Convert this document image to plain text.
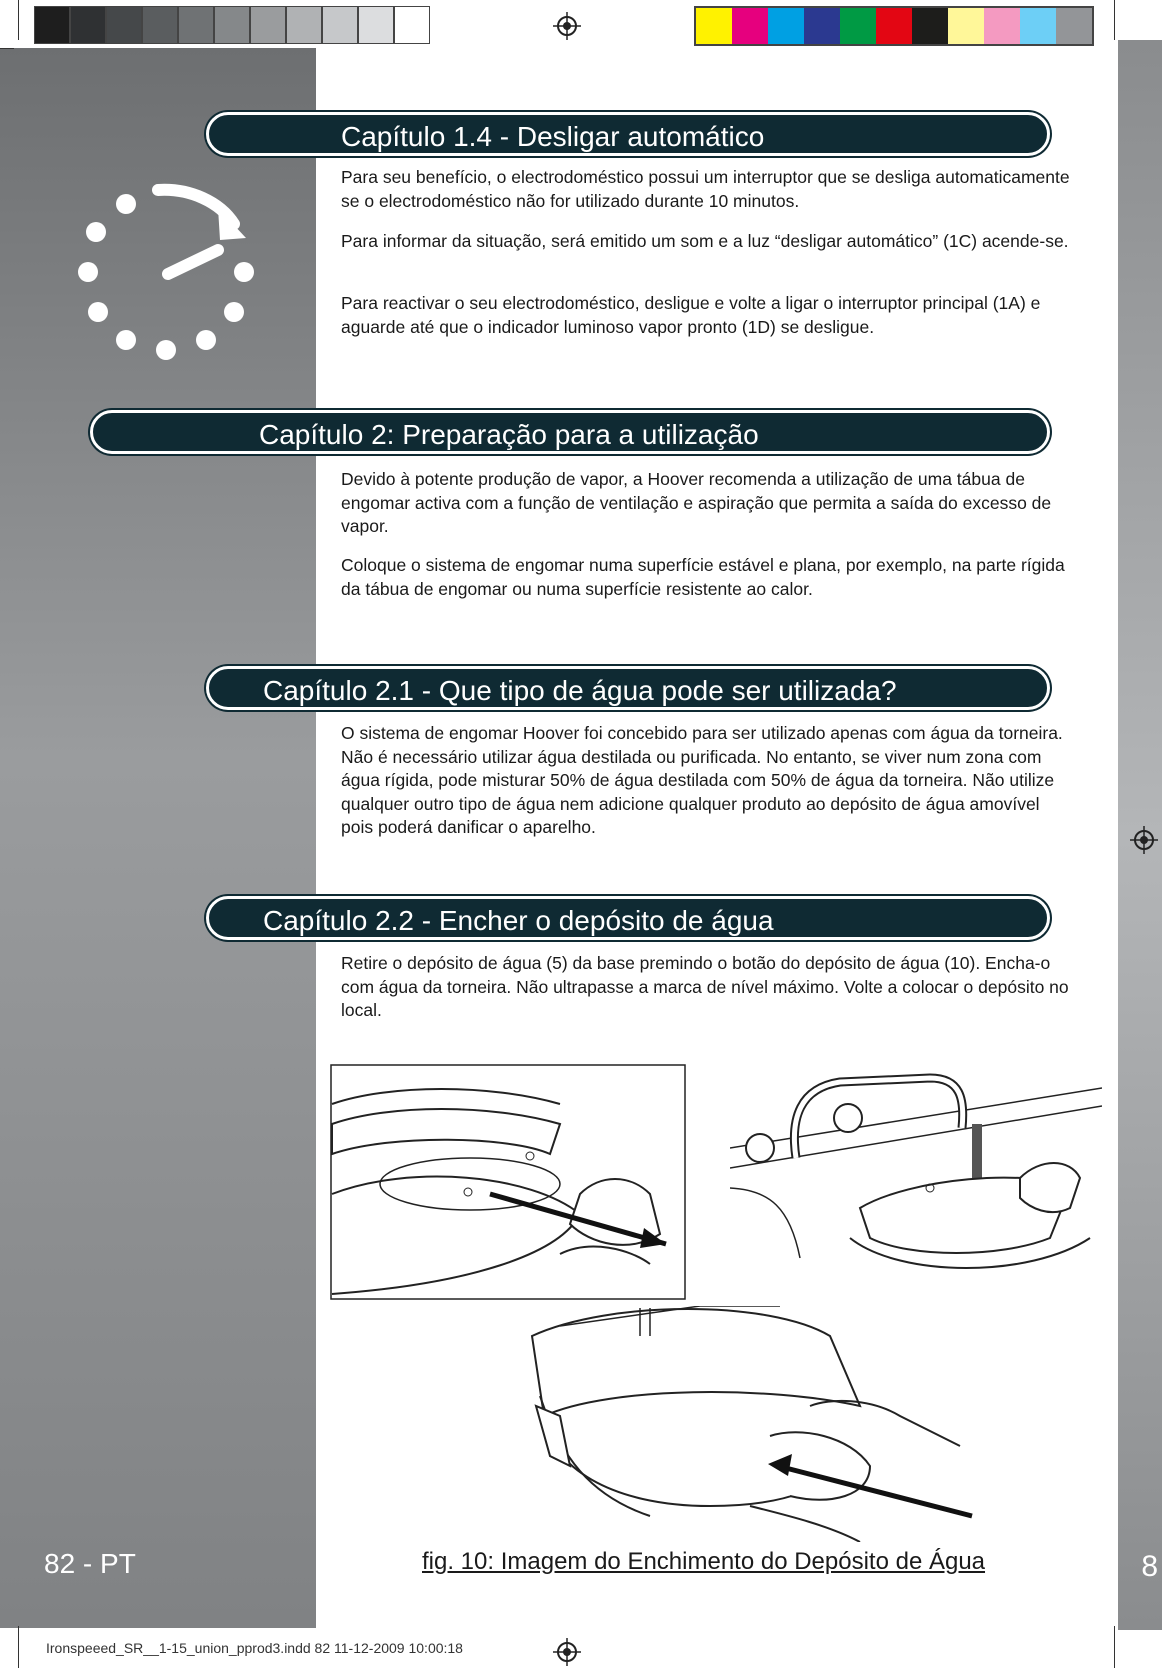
8
Capítulo 1.4 - Desligar automático

Para seu benefício, o electrodoméstico possui um interruptor que se desliga automaticamente se o electrodoméstico não for utilizado durante 10 minutos.

Para informar da situação, será emitido um som e a luz “desligar automático” (1C) acende-se.

Para reactivar o seu electrodoméstico, desligue e volte a ligar o interruptor principal (1A) e aguarde até que o indicador luminoso vapor pronto (1D) se desligue.

Capítulo 2: Preparação para a utilização

Devido à potente produção de vapor, a Hoover recomenda a utilização de uma tábua de engomar activa com a função de ventilação e aspiração que permita a saída do excesso de vapor.

Coloque o sistema de engomar numa superfície estável e plana, por exemplo, na parte rígida da tábua de engomar ou numa superfície resistente ao calor.

Capítulo 2.1 - Que tipo de água pode ser utilizada?

O sistema de engomar Hoover foi concebido para ser utilizado apenas com água da torneira. Não é necessário utilizar água destilada ou purificada. No entanto, se viver num zona com água rígida, pode misturar 50% de água destilada com 50% de água da torneira. Não utilize qualquer outro tipo de água nem adicione qualquer produto ao depósito de água amovível pois poderá danificar o aparelho.

Capítulo 2.2 - Encher o depósito de água

Retire o depósito de água (5) da base premindo o botão do depósito de água (10). Encha-o com água da torneira. Não ultrapasse a marca de nível máximo. Volte a colocar o depósito no local.

82 - PT	fig. 10: Imagem do Enchimento do Depósito de Água
Ironspeeed_SR__1-15_union_pprod3.indd 82 11-12-2009 10:00:18
